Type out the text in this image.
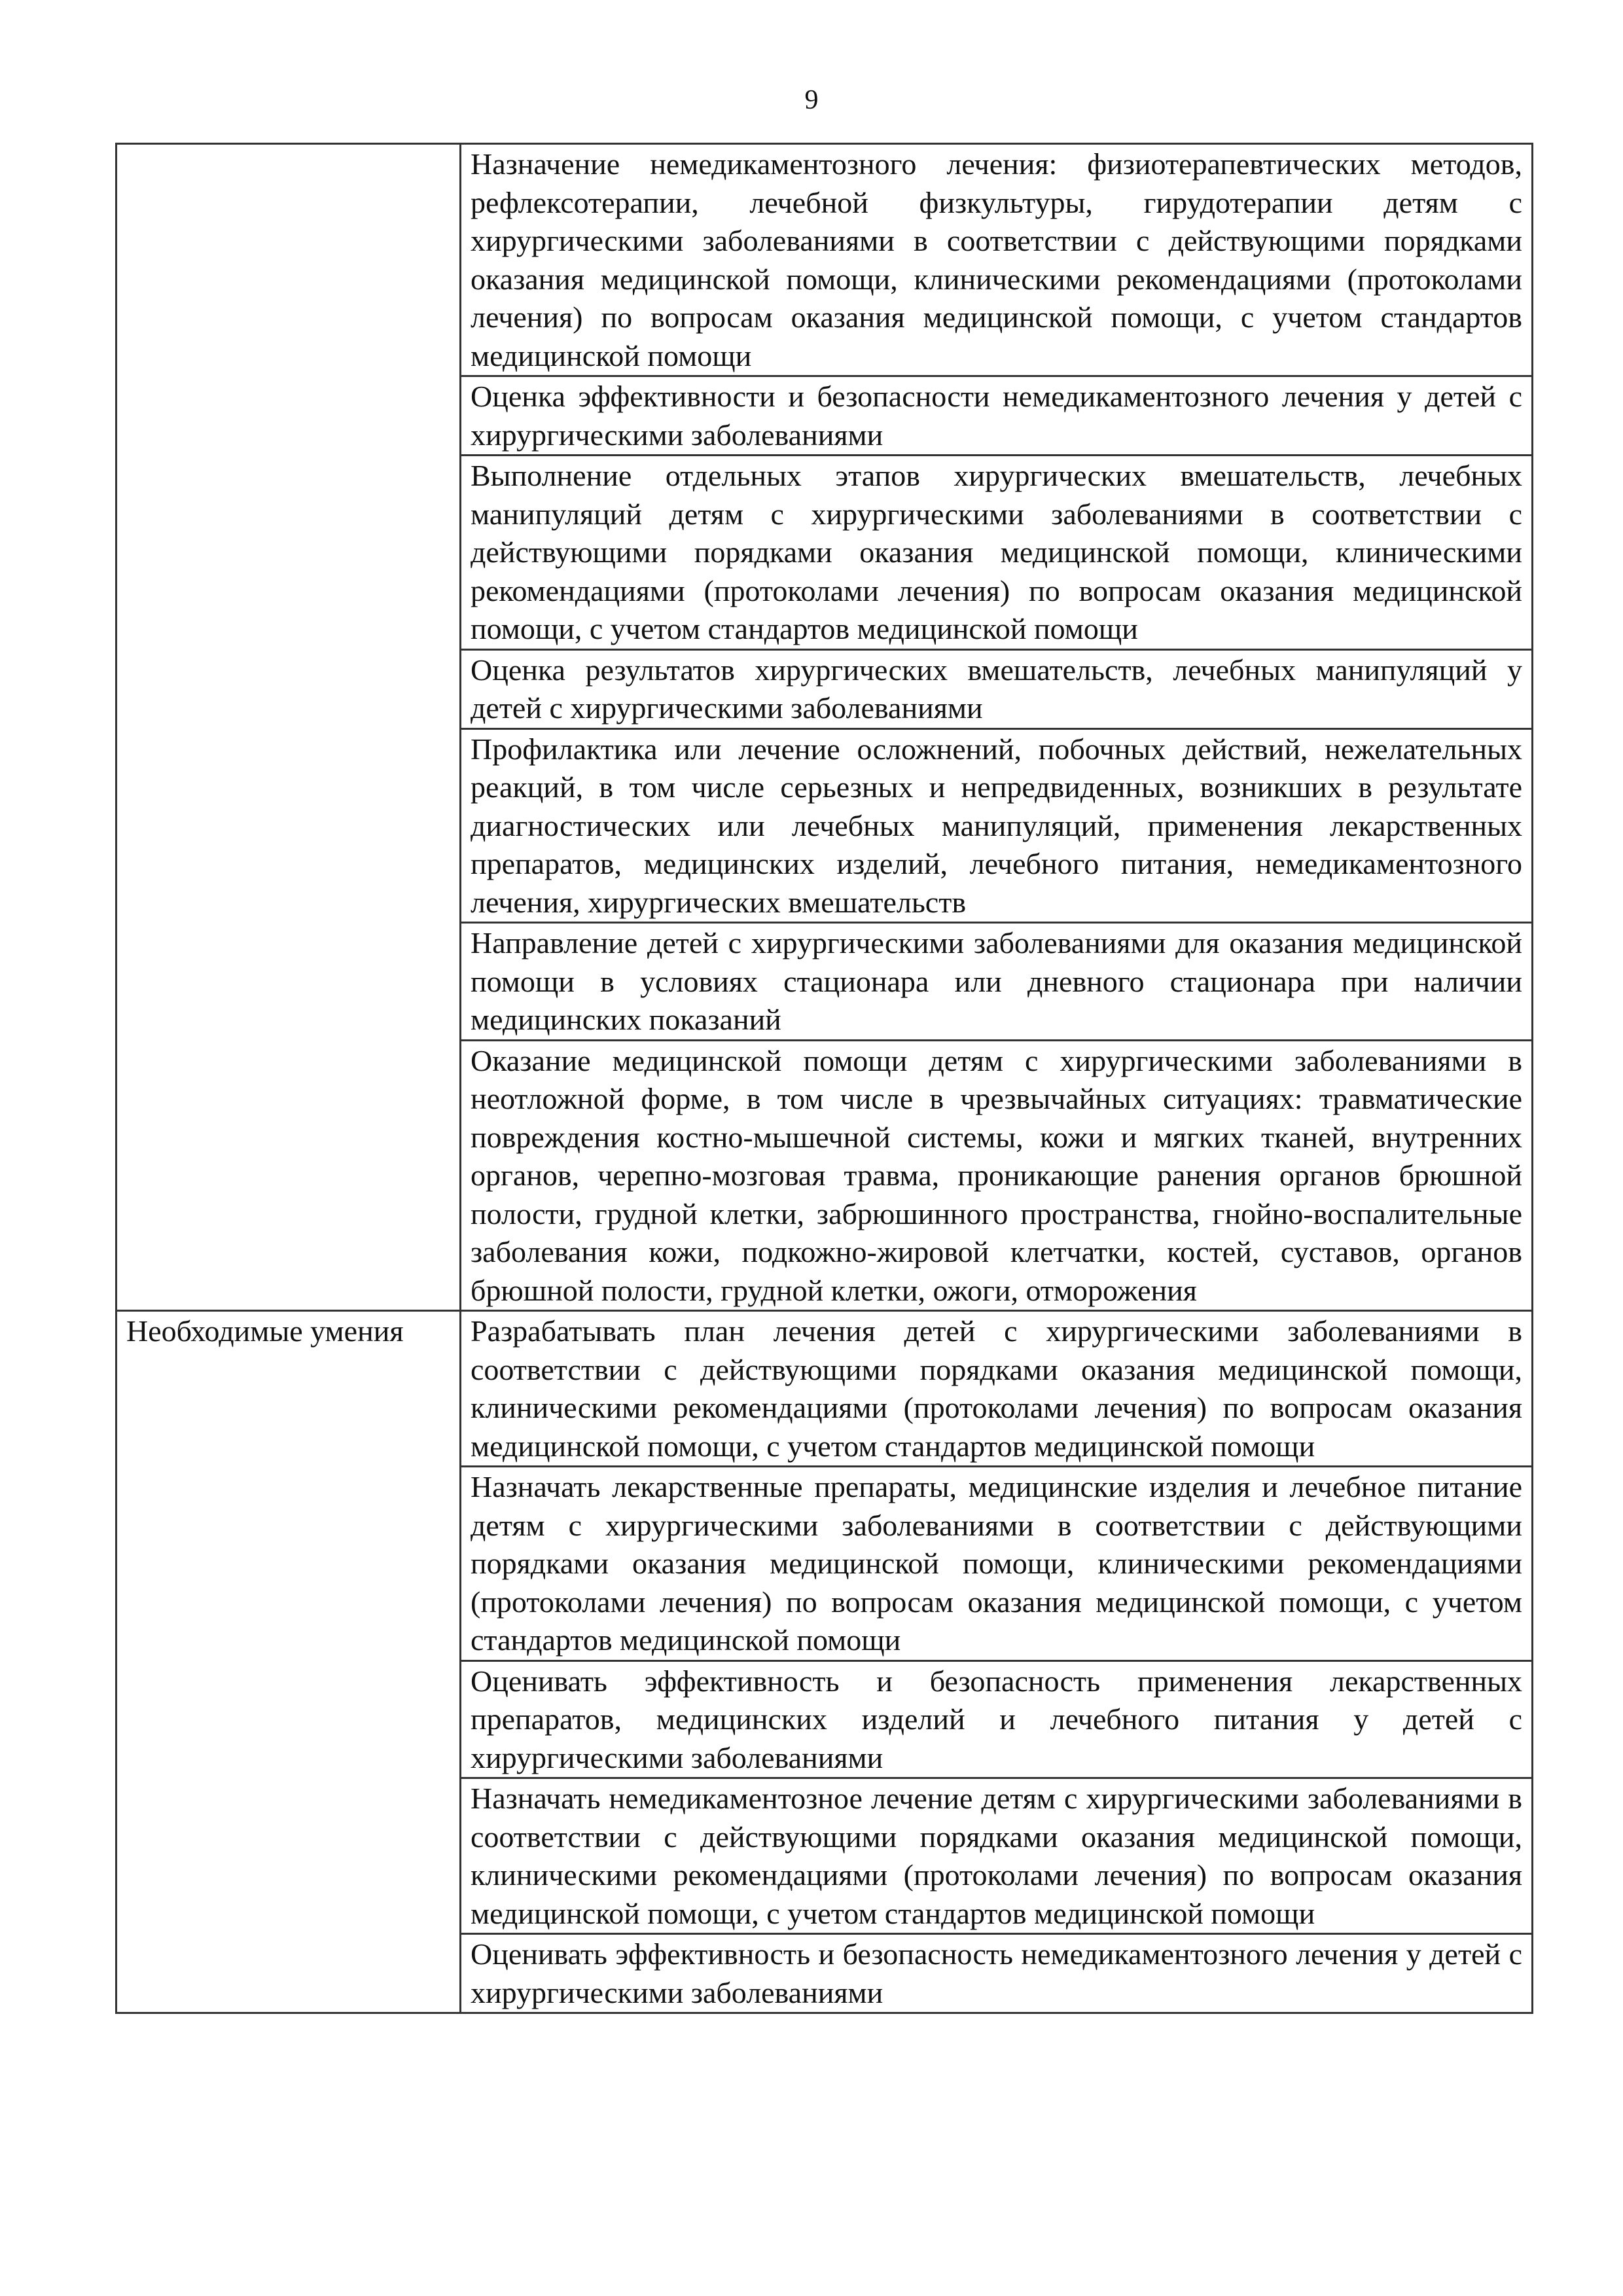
9
	Назначение немедикаментозного лечения: физиотерапевтических методов, рефлексотерапии, лечебной физкультуры, гирудотерапии детям с хирургическими заболеваниями в соответствии с действующими порядками оказания медицинской помощи, клиническими рекомендациями (протоколами лечения) по вопросам оказания медицинской помощи, с учетом стандартов медицинской помощи
	Оценка эффективности и безопасности немедикаментозного лечения у детей с хирургическими заболеваниями
	Выполнение отдельных этапов хирургических вмешательств, лечебных манипуляций детям с хирургическими заболеваниями в соответствии с действующими порядками оказания медицинской помощи, клиническими рекомендациями (протоколами лечения) по вопросам оказания медицинской помощи, с учетом стандартов медицинской помощи
	Оценка результатов хирургических вмешательств, лечебных манипуляций у детей с хирургическими заболеваниями
	Профилактика или лечение осложнений, побочных действий, нежелательных реакций, в том числе серьезных и непредвиденных, возникших в результате диагностических или лечебных манипуляций, применения лекарственных препаратов, медицинских изделий, лечебного питания, немедикаментозного лечения, хирургических вмешательств
	Направление детей с хирургическими заболеваниями для оказания медицинской помощи в условиях стационара или дневного стационара при наличии медицинских показаний
	Оказание медицинской помощи детям с хирургическими заболеваниями в неотложной форме, в том числе в чрезвычайных ситуациях: травматические повреждения костно-мышечной системы, кожи и мягких тканей, внутренних органов, черепно-мозговая травма, проникающие ранения органов брюшной полости, грудной клетки, забрюшинного пространства, гнойно-воспалительные заболевания кожи, подкожно-жировой клетчатки, костей, суставов, органов брюшной полости, грудной клетки, ожоги, отморожения
Необходимые умения	Разрабатывать план лечения детей с хирургическими заболеваниями в соответствии с действующими порядками оказания медицинской помощи, клиническими рекомендациями (протоколами лечения) по вопросам оказания медицинской помощи, с учетом стандартов медицинской помощи
	Назначать лекарственные препараты, медицинские изделия и лечебное питание детям с хирургическими заболеваниями в соответствии с действующими порядками оказания медицинской помощи, клиническими рекомендациями (протоколами лечения) по вопросам оказания медицинской помощи, с учетом стандартов медицинской помощи
	Оценивать эффективность и безопасность применения лекарственных препаратов, медицинских изделий и лечебного питания у детей с хирургическими заболеваниями
	Назначать немедикаментозное лечение детям с хирургическими заболеваниями в соответствии с действующими порядками оказания медицинской помощи, клиническими рекомендациями (протоколами лечения) по вопросам оказания медицинской помощи, с учетом стандартов медицинской помощи
	Оценивать эффективность и безопасность немедикаментозного лечения у детей с хирургическими заболеваниями
